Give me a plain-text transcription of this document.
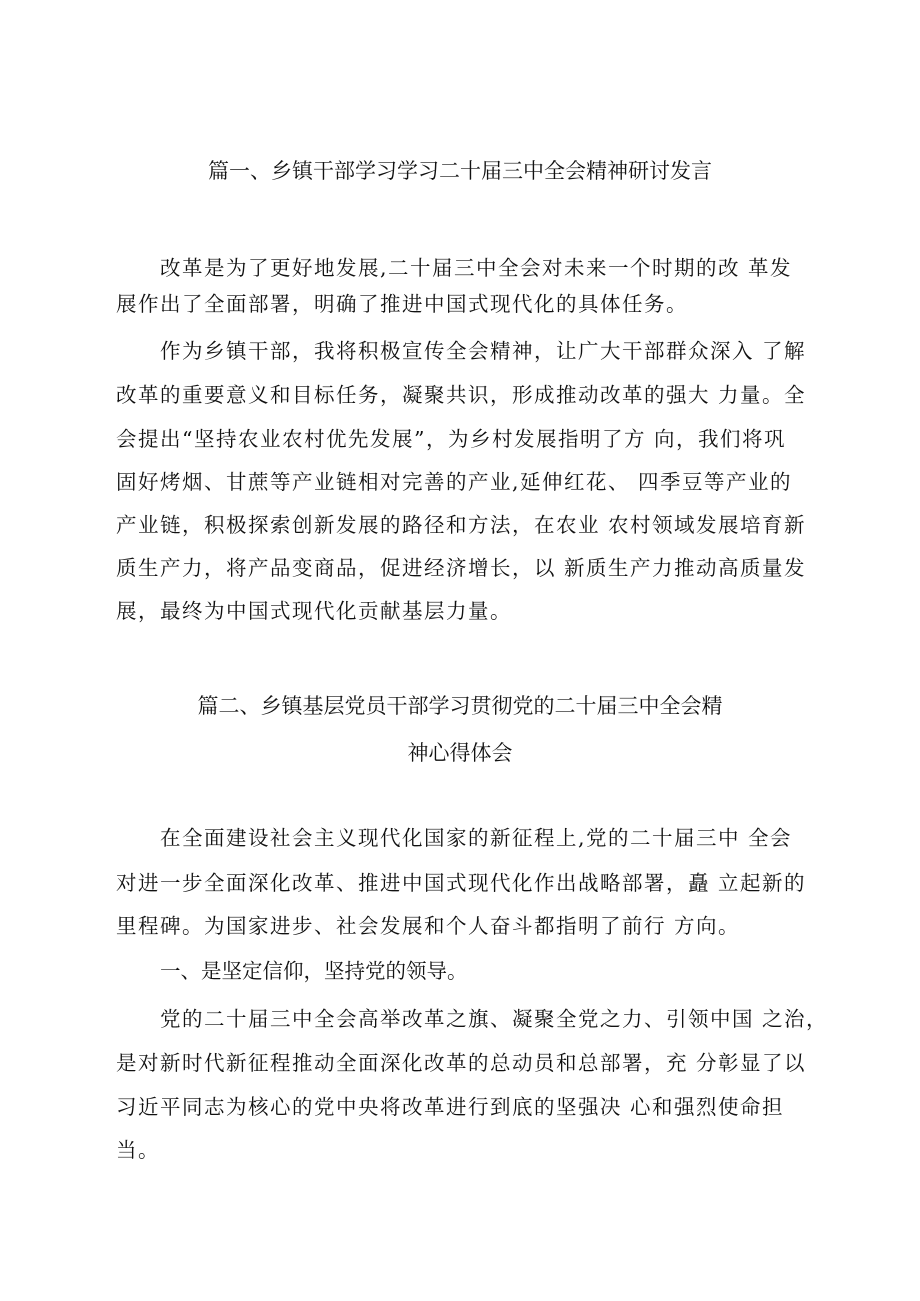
篇一、乡镇干部学习学习二十届三中全会精神研讨发言
改革是为了更好地发展,二十届三中全会对未来一个时期的改 革发
展作出了全面部署，明确了推进中国式现代化的具体任务。
作为乡镇干部，我将积极宣传全会精神，让广大干部群众深入 了解
改革的重要意义和目标任务，凝聚共识，形成推动改革的强大 力量。全
会提出“坚持农业农村优先发展”，为乡村发展指明了方 向，我们将巩
固好烤烟、甘蔗等产业链相对完善的产业,延伸红花、 四季豆等产业的
产业链，积极探索创新发展的路径和方法，在农业 农村领域发展培育新
质生产力，将产品变商品，促进经济增长，以 新质生产力推动高质量发
展，最终为中国式现代化贡献基层力量。
篇二、乡镇基层党员干部学习贯彻党的二十届三中全会精
神心得体会
在全面建设社会主义现代化国家的新征程上,党的二十届三中 全会
对进一步全面深化改革、推进中国式现代化作出战略部署，矗 立起新的
里程碑。为国家进步、社会发展和个人奋斗都指明了前行 方向。
一、是坚定信仰，坚持党的领导。
党的二十届三中全会高举改革之旗、凝聚全党之力、引领中国 之治，
是对新时代新征程推动全面深化改革的总动员和总部署，充 分彰显了以
习近平同志为核心的党中央将改革进行到底的坚强决 心和强烈使命担
当。
